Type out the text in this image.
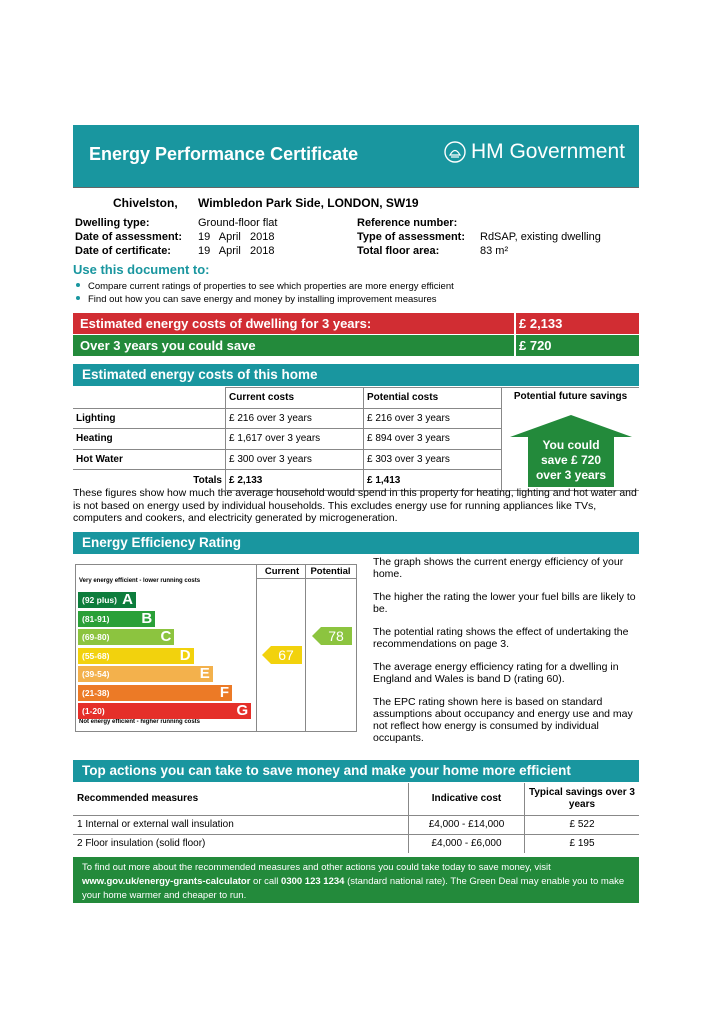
Energy Performance Certificate	HM Government
Chivelston, Wimbledon Park Side, LONDON, SW19
Dwelling type:	Ground-floor flat
Date of assessment: 19   April   2018
Date of certificate: 19   April   2018
Reference number:
Type of assessment: RdSAP, existing dwelling
Total floor area:	83 m²
Use this document to:
Compare current ratings of properties to see which properties are more energy efficient
Find out how you can save energy and money by installing improvement measures
Estimated energy costs of dwelling for 3 years:	£ 2,133
Over 3 years you could save	£ 720
Estimated energy costs of this home
	Current costs	Potential costs	Potential future savings
You could
save £ 720
over 3 years

Lighting	£ 216 over 3 years	£ 216 over 3 years	
Heating	£ 1,617 over 3 years	£ 894 over 3 years	
Hot Water	£ 300 over 3 years	£ 303 over 3 years	
Totals	£ 2,133	£ 1,413	
These figures show how much the average household would spend in this property for heating, lighting and hot water and is not based on energy used by individual households. This excludes energy use for running appliances like TVs, computers and cookers, and electricity generated by microgeneration.
Energy Efficiency Rating
Current	Potential
Very energy efficient - lower running costs
Not energy efficient - higher running costs
(92 plus) A
(81-91) B
(69-80)	C
(55-68)	D
(39-54)	E
(21-38)	F
(1-20)	G
67
78

The graph shows the current energy efficiency of your home.

The higher the rating the lower your fuel bills are likely to be.

The potential rating shows the effect of undertaking the recommendations on page 3.

The average energy efficiency rating for a dwelling in England and Wales is band D (rating 60).

The EPC rating shown here is based on standard assumptions about occupancy and energy use and may not reflect how energy is consumed by individual occupants.

Top actions you can take to save money and make your home more efficient
Recommended measures	Indicative cost	Typical savings over 3 years
1 Internal or external wall insulation	£4,000 - £14,000	£ 522
2 Floor insulation (solid floor)	£4,000 - £6,000	£ 195
To find out more about the recommended measures and other actions you could take today to save money, visit www.gov.uk/energy-grants-calculator or call 0300 123 1234 (standard national rate). The Green Deal may enable you to make your home warmer and cheaper to run.
